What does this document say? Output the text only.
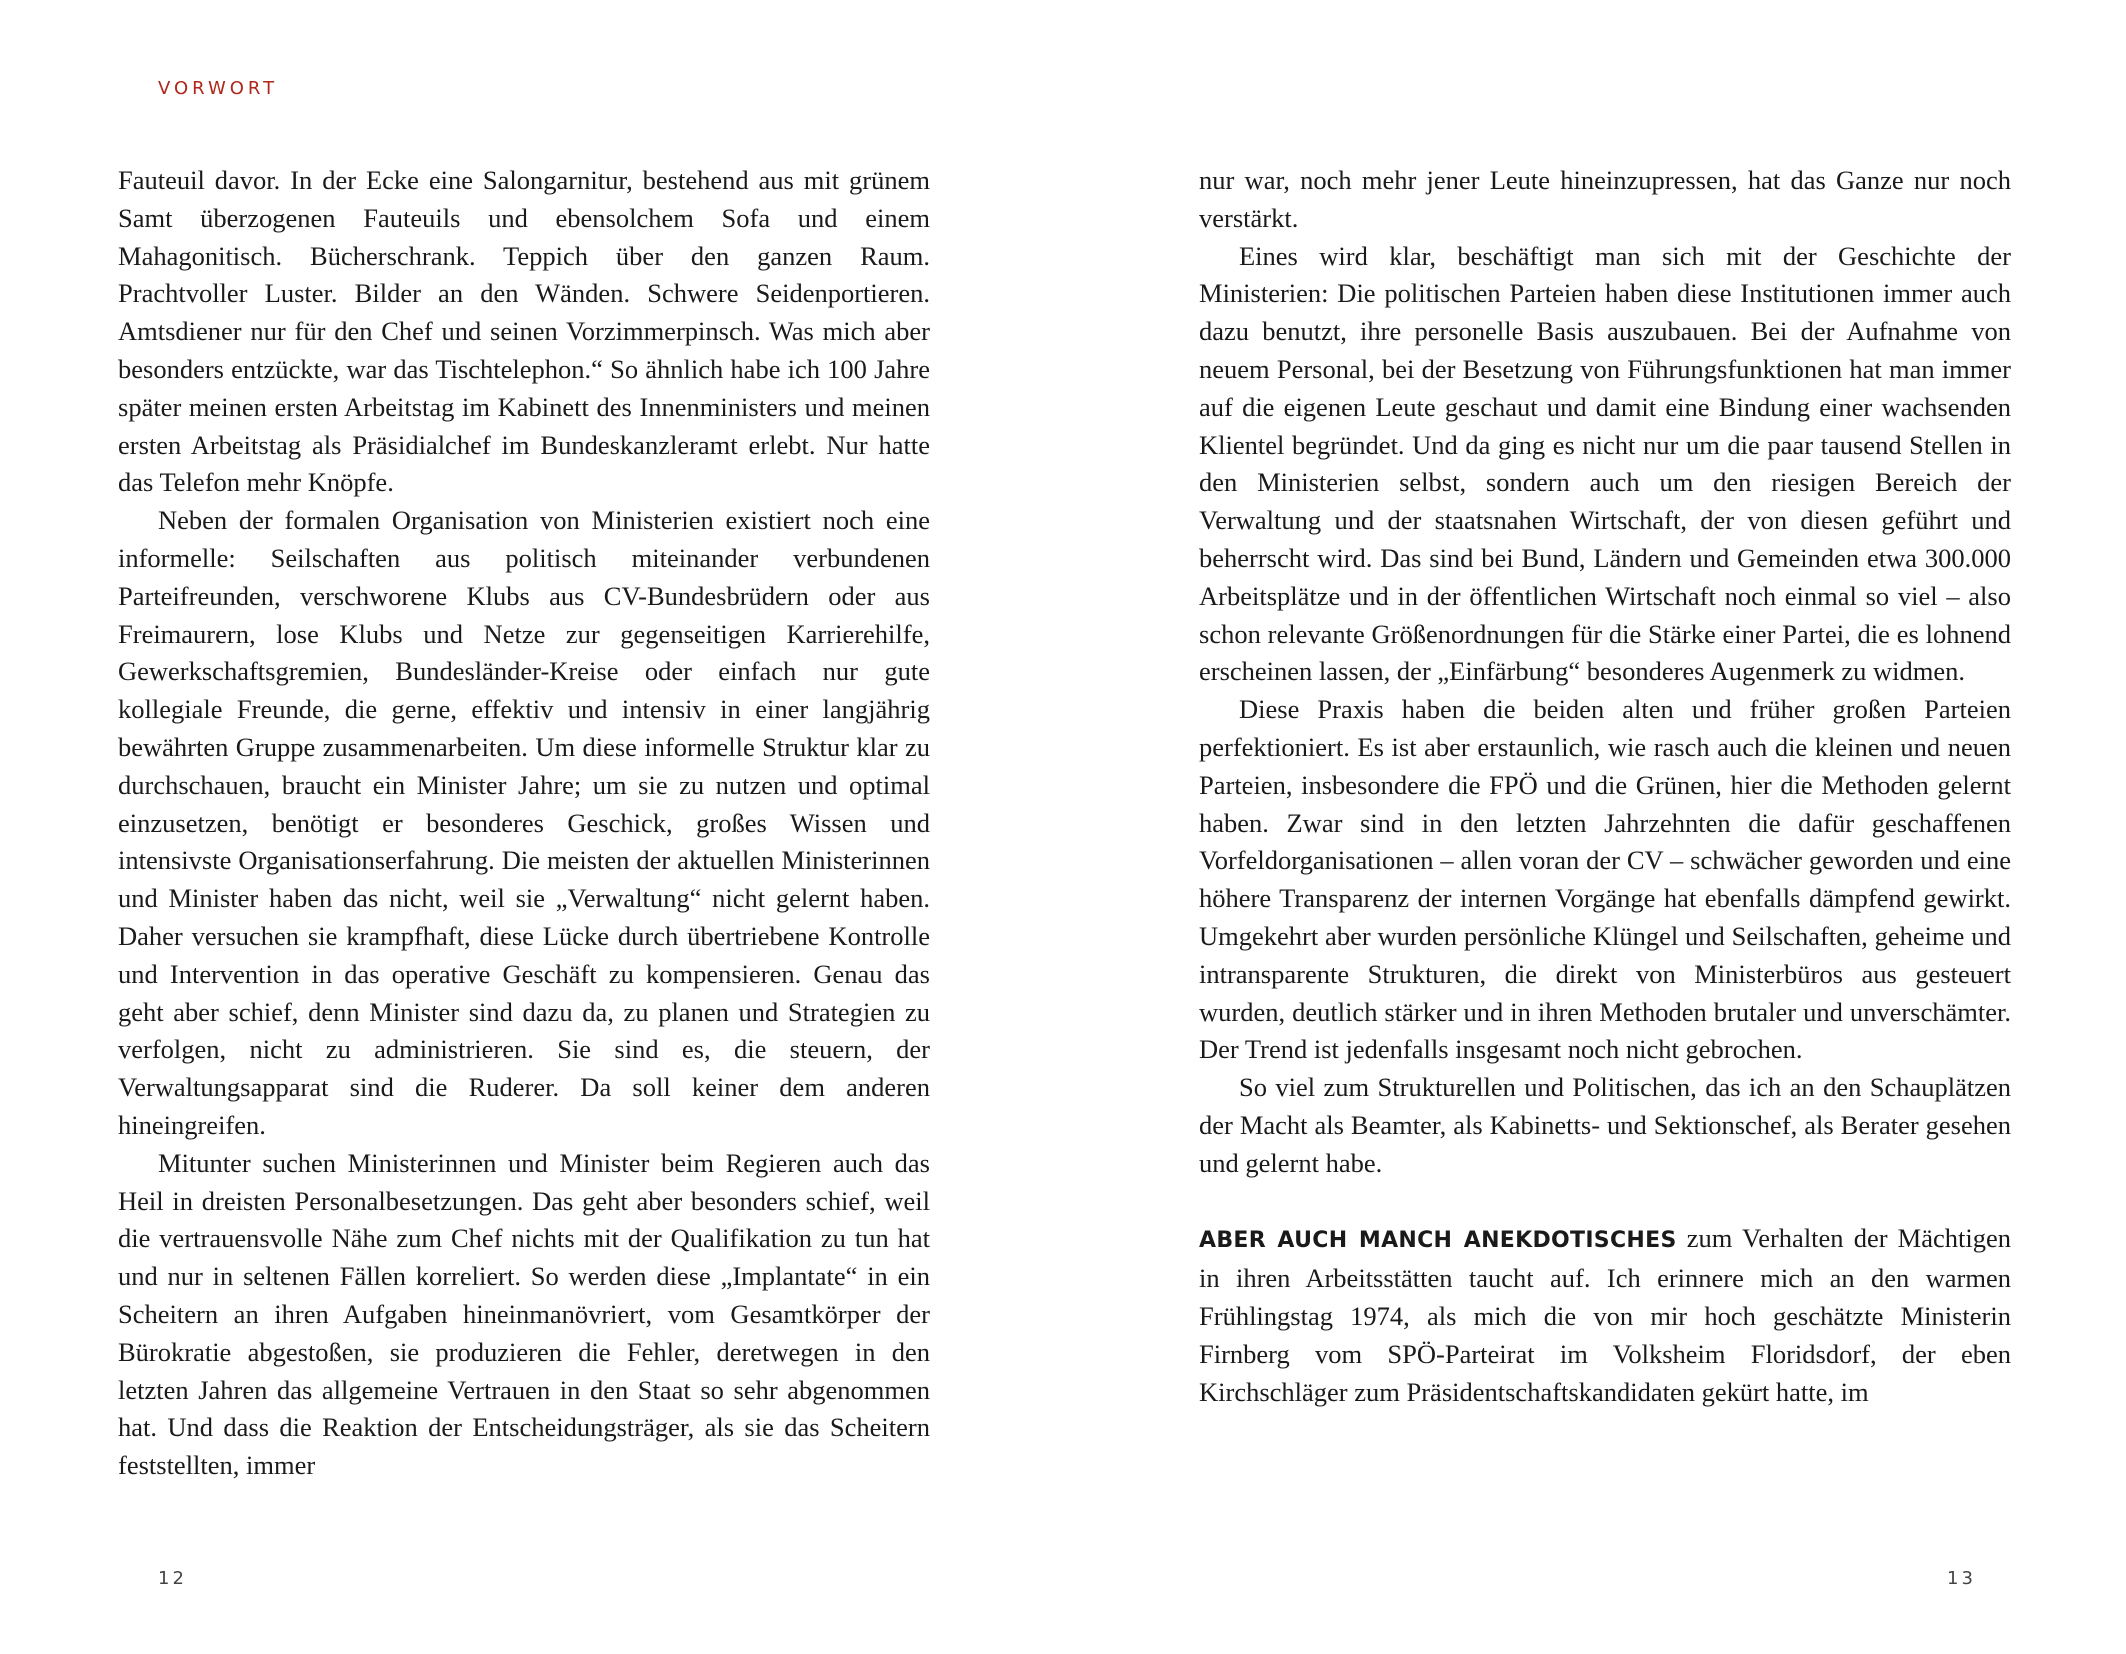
VORWORT

Fauteuil davor. In der Ecke eine Salongarnitur, bestehend aus mit grünem Samt überzogenen Fauteuils und ebensolchem Sofa und einem Mahagonitisch. Bücherschrank. Teppich über den ganzen Raum. Prachtvoller Luster. Bilder an den Wänden. Schwere Seidenportieren. Amtsdiener nur für den Chef und seinen Vorzimmerpinsch. Was mich aber besonders entzückte, war das Tischtelephon.“ So ähnlich habe ich 100 Jahre später meinen ersten Arbeitstag im Kabinett des Innenministers und meinen ersten Arbeitstag als Präsidialchef im Bundeskanzleramt erlebt. Nur hatte das Telefon mehr Knöpfe.

Neben der formalen Organisation von Ministerien existiert noch eine informelle: Seilschaften aus politisch miteinander verbundenen Parteifreunden, verschworene Klubs aus CV-Bundesbrüdern oder aus Freimaurern, lose Klubs und Netze zur gegenseitigen Karrierehilfe, Gewerkschaftsgremien, Bundesländer-Kreise oder einfach nur gute kollegiale Freunde, die gerne, effektiv und intensiv in einer langjährig bewährten Gruppe zusammenarbeiten. Um diese informelle Struktur klar zu durchschauen, braucht ein Minister Jahre; um sie zu nutzen und optimal einzusetzen, benötigt er besonderes Geschick, großes Wissen und intensivste Organisationserfahrung. Die meisten der aktuellen Ministerinnen und Minister haben das nicht, weil sie „Verwaltung“ nicht gelernt haben. Daher versuchen sie krampfhaft, diese Lücke durch übertriebene Kontrolle und Intervention in das operative Geschäft zu kompensieren. Genau das geht aber schief, denn Minister sind dazu da, zu planen und Strategien zu verfolgen, nicht zu administrieren. Sie sind es, die steuern, der Verwaltungsapparat sind die Ruderer. Da soll keiner dem anderen hineingreifen.

Mitunter suchen Ministerinnen und Minister beim Regieren auch das Heil in dreisten Personalbesetzungen. Das geht aber besonders schief, weil die vertrauensvolle Nähe zum Chef nichts mit der Qualifikation zu tun hat und nur in seltenen Fällen korreliert. So werden diese „Implantate“ in ein Scheitern an ihren Aufgaben hineinmanövriert, vom Gesamtkörper der Bürokratie abgestoßen, sie produzieren die Fehler, deretwegen in den letzten Jahren das allgemeine Vertrauen in den Staat so sehr abgenommen hat. Und dass die Reaktion der Entscheidungsträger, als sie das Scheitern feststellten, immer

nur war, noch mehr jener Leute hineinzupressen, hat das Ganze nur noch verstärkt.

Eines wird klar, beschäftigt man sich mit der Geschichte der Ministerien: Die politischen Parteien haben diese Institutionen immer auch dazu benutzt, ihre personelle Basis auszubauen. Bei der Aufnahme von neuem Personal, bei der Besetzung von Führungsfunktionen hat man immer auf die eigenen Leute geschaut und damit eine Bindung einer wachsenden Klientel begründet. Und da ging es nicht nur um die paar tausend Stellen in den Ministerien selbst, sondern auch um den riesigen Bereich der Verwaltung und der staatsnahen Wirtschaft, der von diesen geführt und beherrscht wird. Das sind bei Bund, Ländern und Gemeinden etwa 300.000 Arbeitsplätze und in der öffentlichen Wirtschaft noch einmal so viel – also schon relevante Größenordnungen für die Stärke einer Partei, die es lohnend erscheinen lassen, der „Einfärbung“ besonderes Augenmerk zu widmen.

Diese Praxis haben die beiden alten und früher großen Parteien perfektioniert. Es ist aber erstaunlich, wie rasch auch die kleinen und neuen Parteien, insbesondere die FPÖ und die Grünen, hier die Methoden gelernt haben. Zwar sind in den letzten Jahrzehnten die dafür geschaffenen Vorfeldorganisationen – allen voran der CV – schwächer geworden und eine höhere Transparenz der internen Vorgänge hat ebenfalls dämpfend gewirkt. Umgekehrt aber wurden persönliche Klüngel und Seilschaften, geheime und intransparente Strukturen, die direkt von Ministerbüros aus gesteuert wurden, deutlich stärker und in ihren Methoden brutaler und unverschämter. Der Trend ist jedenfalls insgesamt noch nicht gebrochen.

So viel zum Strukturellen und Politischen, das ich an den Schauplätzen der Macht als Beamter, als Kabinetts- und Sektionschef, als Berater gesehen und gelernt habe.

ABER AUCH MANCH ANEKDOTISCHES zum Verhalten der Mächtigen in ihren Arbeitsstätten taucht auf. Ich erinnere mich an den warmen Frühlingstag 1974, als mich die von mir hoch geschätzte Ministerin Firnberg vom SPÖ-Parteirat im Volksheim Floridsdorf, der eben Kirchschläger zum Präsidentschaftskandidaten gekürt hatte, im

12	13
